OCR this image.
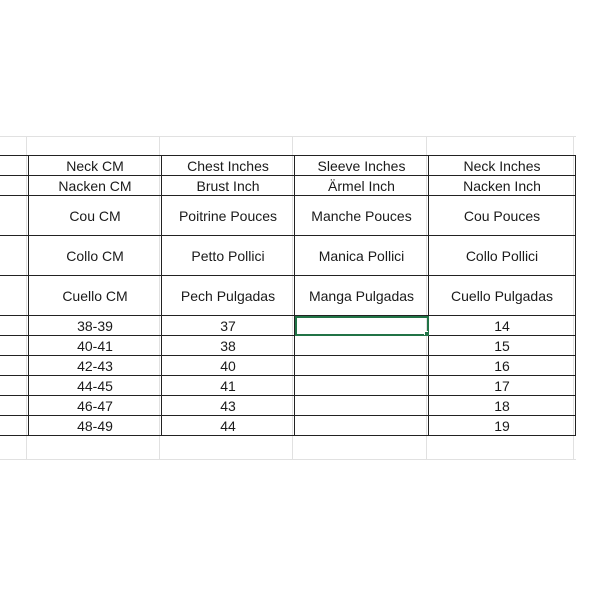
	Neck CM	Chest Inches	Sleeve Inches	Neck Inches
	Nacken CM	Brust Inch	Ärmel Inch	Nacken Inch
	Cou CM	Poitrine Pouces	Manche Pouces	Cou Pouces
	Collo CM	Petto Pollici	Manica Pollici	Collo Pollici
	Cuello CM	Pech Pulgadas	Manga Pulgadas	Cuello Pulgadas
	38-39	37		14
	40-41	38		15
	42-43	40		16
	44-45	41		17
	46-47	43		18
	48-49	44		19
